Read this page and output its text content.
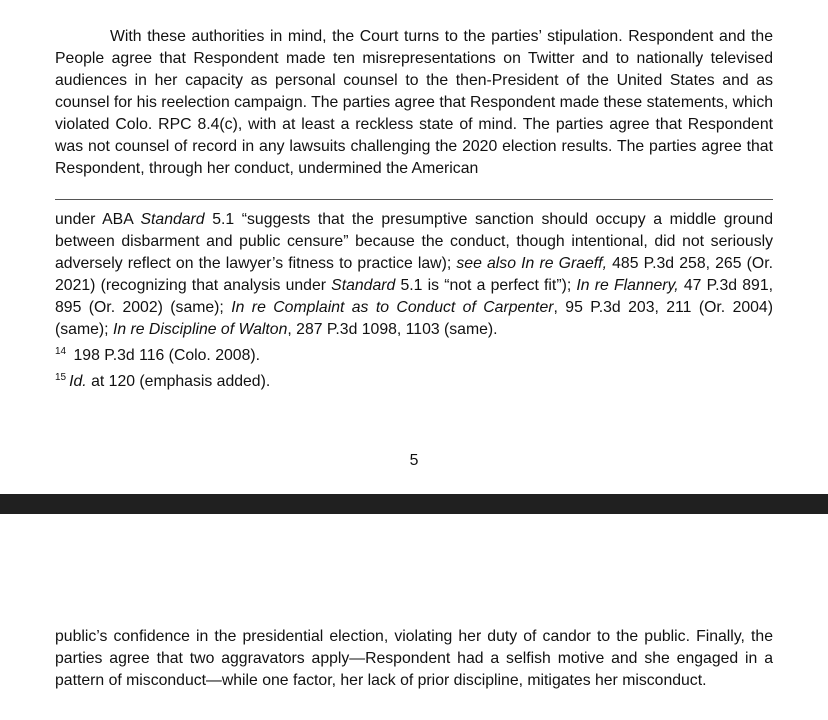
With these authorities in mind, the Court turns to the parties’ stipulation. Respondent and the People agree that Respondent made ten misrepresentations on Twitter and to nationally televised audiences in her capacity as personal counsel to the then-President of the United States and as counsel for his reelection campaign. The parties agree that Respondent made these statements, which violated Colo. RPC 8.4(c), with at least a reckless state of mind. The parties agree that Respondent was not counsel of record in any lawsuits challenging the 2020 election results. The parties agree that Respondent, through her conduct, undermined the American

under ABA Standard 5.1 “suggests that the presumptive sanction should occupy a middle ground between disbarment and public censure” because the conduct, though intentional, did not seriously adversely reflect on the lawyer’s fitness to practice law); see also In re Graeff, 485 P.3d 258, 265 (Or. 2021) (recognizing that analysis under Standard 5.1 is “not a perfect fit”); In re Flannery, 47 P.3d 891, 895 (Or. 2002) (same); In re Complaint as to Conduct of Carpenter, 95 P.3d 203, 211 (Or. 2004) (same); In re Discipline of Walton, 287 P.3d 1098, 1103 (same).

$^{14}$ 198 P.3d 116 (Colo. 2008).

$^{15}$ Id. at 120 (emphasis added).

5

public’s confidence in the presidential election, violating her duty of candor to the public. Finally, the parties agree that two aggravators apply—Respondent had a selfish motive and she engaged in a pattern of misconduct—while one factor, her lack of prior discipline, mitigates her misconduct.
